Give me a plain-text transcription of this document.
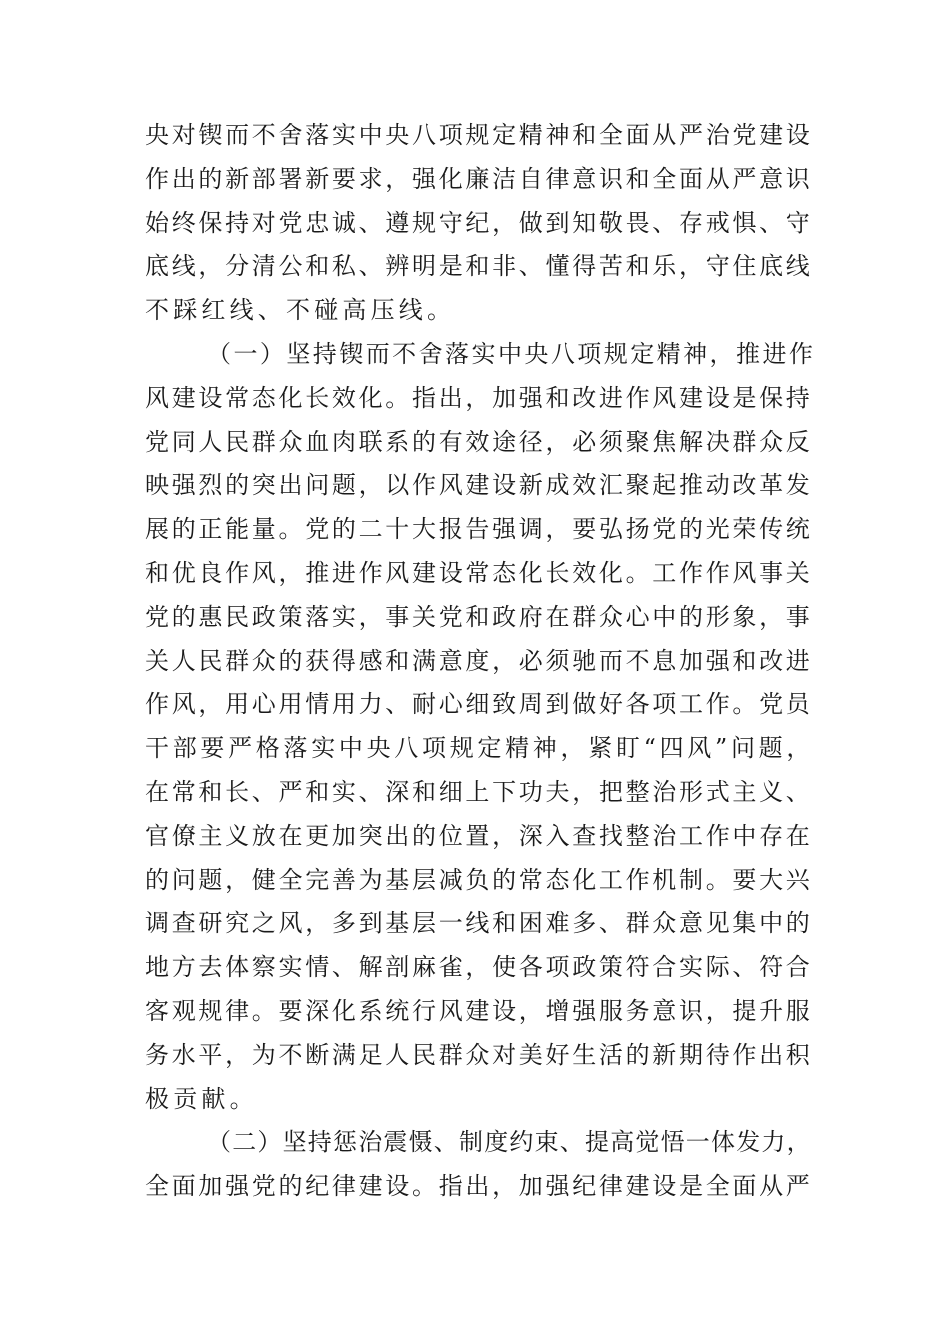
央对锲而不舍落实中央八项规定精神和全面从严治党建设
作出的新部署新要求，强化廉洁自律意识和全面从严意识
始终保持对党忠诚、遵规守纪，做到知敬畏、存戒惧、守
底线，分清公和私、辨明是和非、懂得苦和乐，守住底线
不踩红线、不碰高压线。
（一）坚持锲而不舍落实中央八项规定精神，推进作
风建设常态化长效化。指出，加强和改进作风建设是保持
党同人民群众血肉联系的有效途径，必须聚焦解决群众反
映强烈的突出问题，以作风建设新成效汇聚起推动改革发
展的正能量。党的二十大报告强调，要弘扬党的光荣传统
和优良作风，推进作风建设常态化长效化。工作作风事关
党的惠民政策落实，事关党和政府在群众心中的形象，事
关人民群众的获得感和满意度，必须驰而不息加强和改进
作风，用心用情用力、耐心细致周到做好各项工作。党员
干部要严格落实中央八项规定精神，紧盯“四风”问题，
在常和长、严和实、深和细上下功夫，把整治形式主义、
官僚主义放在更加突出的位置，深入查找整治工作中存在
的问题，健全完善为基层减负的常态化工作机制。要大兴
调查研究之风，多到基层一线和困难多、群众意见集中的
地方去体察实情、解剖麻雀，使各项政策符合实际、符合
客观规律。要深化系统行风建设，增强服务意识，提升服
务水平，为不断满足人民群众对美好生活的新期待作出积
极贡献。
（二）坚持惩治震慑、制度约束、提高觉悟一体发力，
全面加强党的纪律建设。指出，加强纪律建设是全面从严
